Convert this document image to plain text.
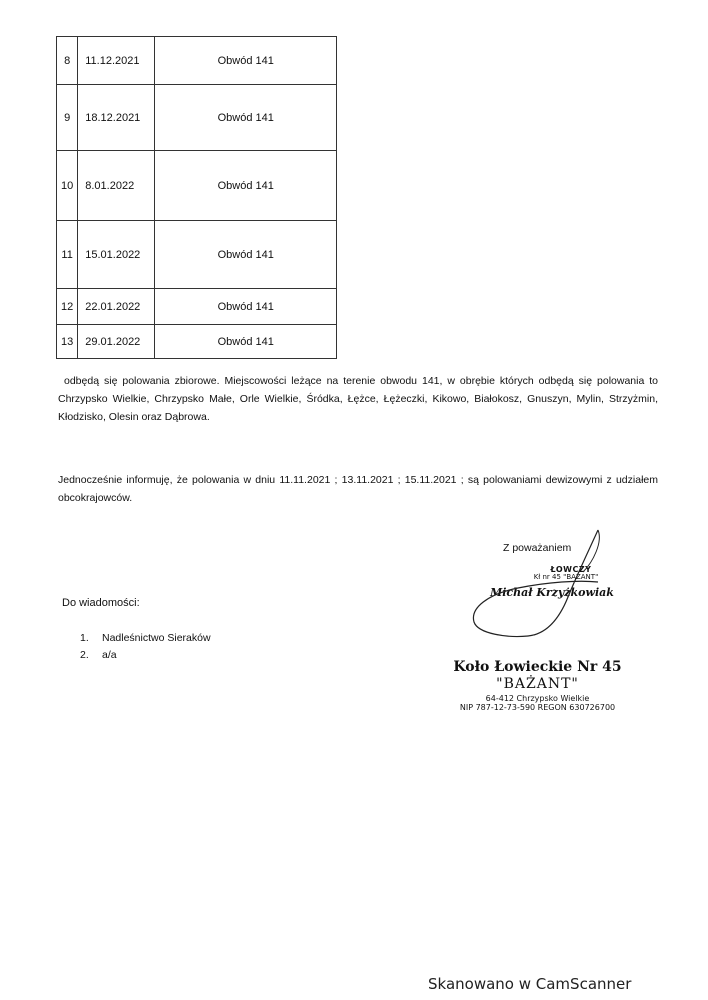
8	11.12.2021	Obwód 141
9	18.12.2021	Obwód 141
10	8.01.2022	Obwód 141
11	15.01.2022	Obwód 141
12	22.01.2022	Obwód 141
13	29.01.2022	Obwód 141

odbędą się polowania zbiorowe. Miejscowości leżące na terenie obwodu 141, w obrębie których odbędą się polowania to Chrzypsko Wielkie, Chrzypsko Małe, Orle Wielkie, Śródka, Łężce, Łężeczki, Kikowo, Białokosz, Gnuszyn, Mylin, Strzyżmin, Kłodzisko, Olesin oraz Dąbrowa.

Jednocześnie informuję, że polowania w dniu 11.11.2021 ; 13.11.2021 ; 15.11.2021 ; są polowaniami dewizowymi z udziałem obcokrajowców.

Do wiadomości:
1.	Nadleśnictwo Sieraków
2.	a/a
Z poważaniem
ŁOWCZY
Kł nr 45 "BAŻANT"
Michał Krzyżkowiak
Koło Łowieckie Nr 45
"BAŻANT"
64-412 Chrzypsko Wielkie
NIP 787-12-73-590 REGON 630726700
Skanowano w CamScanner
